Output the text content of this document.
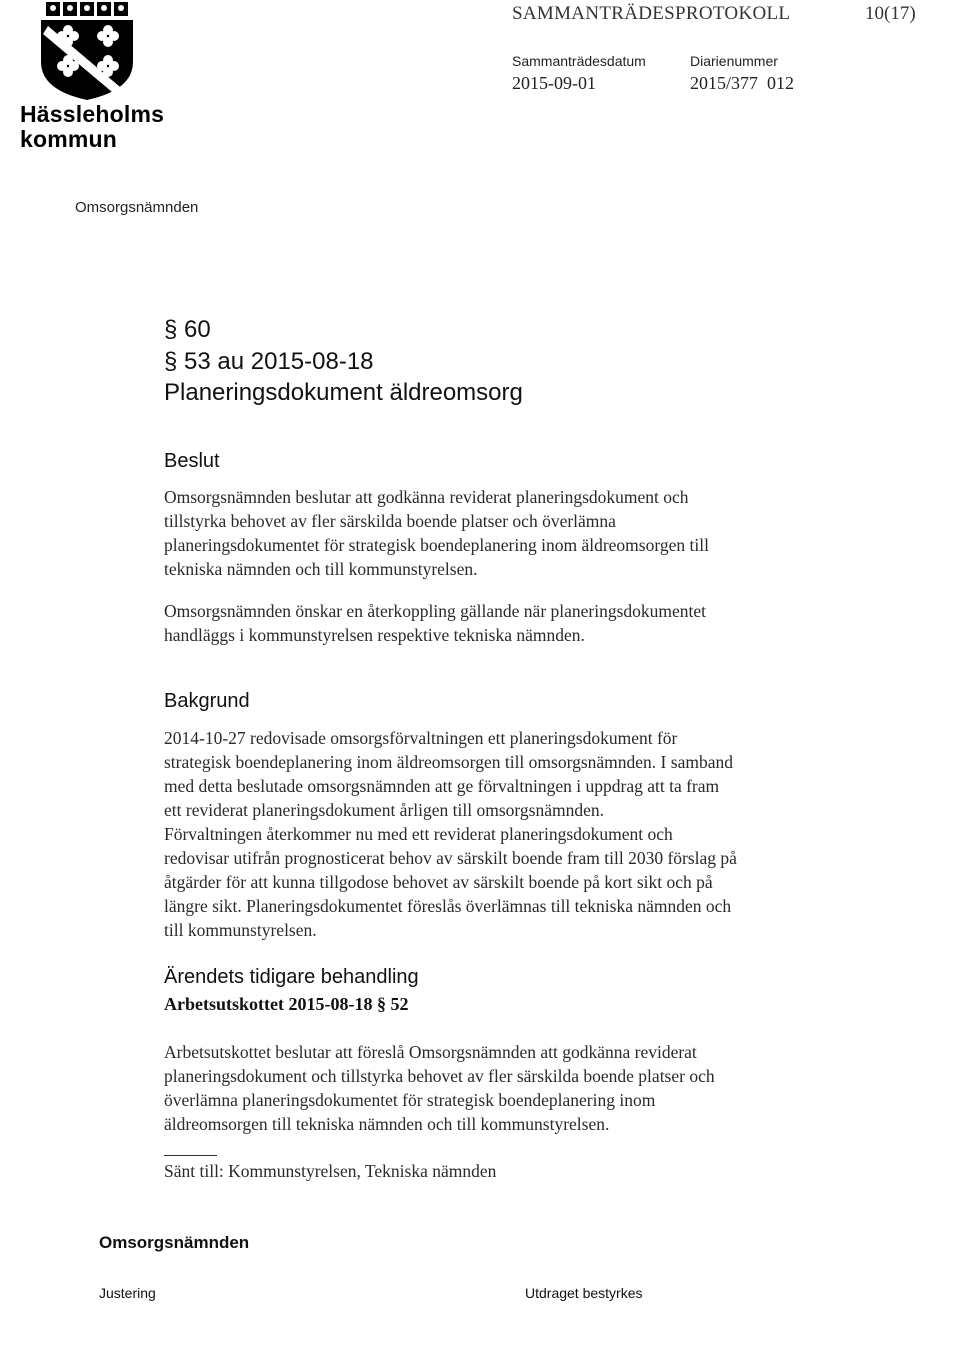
Hässleholms
kommun
SAMMANTRÄDESPROTOKOLL	10(17)
Sammanträdesdatum
2015-09-01
Diarienummer
2015/377  012
Omsorgsnämnden
§ 60
§ 53 au 2015-08-18
Planeringsdokument äldreomsorg
Beslut

Omsorgsnämnden beslutar att godkänna reviderat planeringsdokument och
tillstyrka behovet av fler särskilda boende platser och överlämna
planeringsdokumentet för strategisk boendeplanering inom äldreomsorgen till
tekniska nämnden och till kommunstyrelsen.

Omsorgsnämnden önskar en återkoppling gällande när planeringsdokumentet
handläggs i kommunstyrelsen respektive tekniska nämnden.

Bakgrund

2014-10-27 redovisade omsorgsförvaltningen ett planeringsdokument för
strategisk boendeplanering inom äldreomsorgen till omsorgsnämnden. I samband
med detta beslutade omsorgsnämnden att ge förvaltningen i uppdrag att ta fram
ett reviderat planeringsdokument årligen till omsorgsnämnden.
Förvaltningen återkommer nu med ett reviderat planeringsdokument och
redovisar utifrån prognosticerat behov av särskilt boende fram till 2030 förslag på
åtgärder för att kunna tillgodose behovet av särskilt boende på kort sikt och på
längre sikt. Planeringsdokumentet föreslås överlämnas till tekniska nämnden och
till kommunstyrelsen.

Ärendets tidigare behandling
Arbetsutskottet 2015-08-18 § 52

Arbetsutskottet beslutar att föreslå Omsorgsnämnden att godkänna reviderat
planeringsdokument och tillstyrka behovet av fler särskilda boende platser och
överlämna planeringsdokumentet för strategisk boendeplanering inom
äldreomsorgen till tekniska nämnden och till kommunstyrelsen.

Sänt till: Kommunstyrelsen, Tekniska nämnden
Omsorgsnämnden
Justering	Utdraget bestyrkes
